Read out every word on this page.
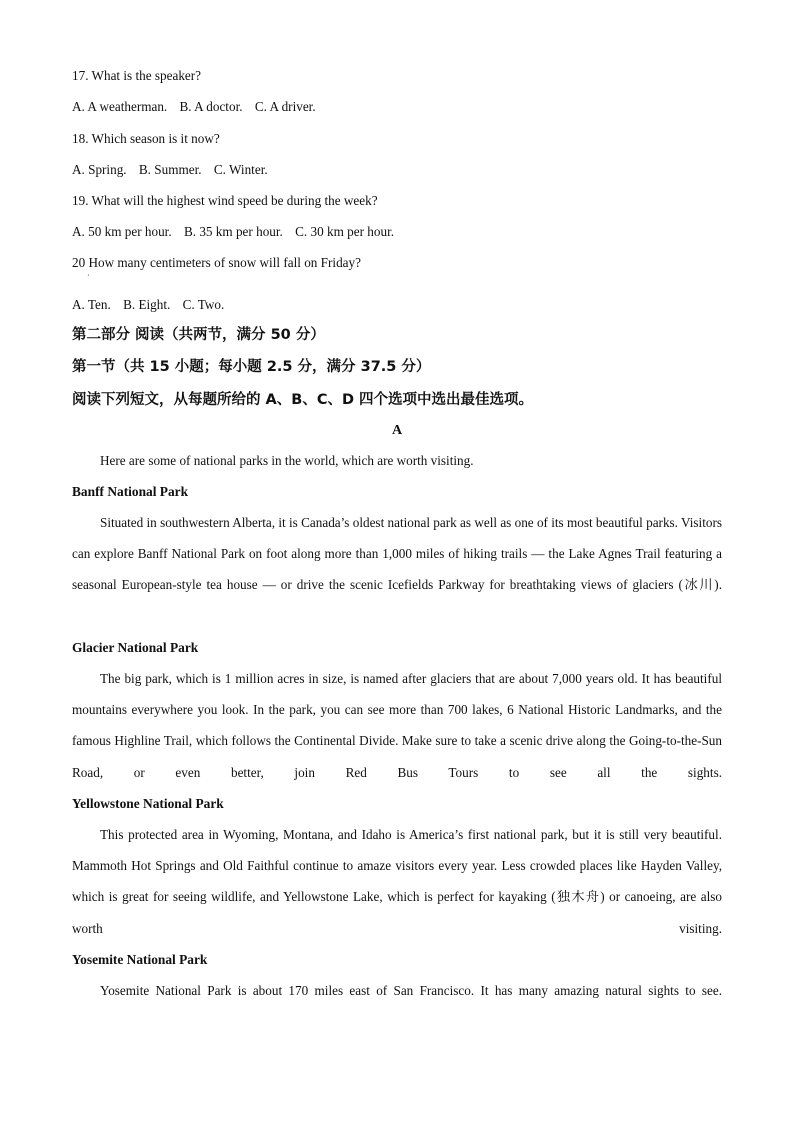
17. What is the speaker?
A. A weatherman. B. A doctor. C. A driver.
18. Which season is it now?
A. Spring. B. Summer. C. Winter.
19. What will the highest wind speed be during the week?
A. 50 km per hour. B. 35 km per hour. C. 30 km per hour.
20 How many centimeters of snow will fall on Friday?
·
A. Ten. B. Eight. C. Two.
第二部分 阅读（共两节，满分 50 分）
第一节（共 15 小题；每小题 2.5 分，满分 37.5 分）
阅读下列短文，从每题所给的 A、B、C、D 四个选项中选出最佳选项。
A
Here are some of national parks in the world, which are worth visiting.
Banff National Park
Situated in southwestern Alberta, it is Canada’s oldest national park as well as one of its most beautiful parks. Visitors can explore Banff National Park on foot along more than 1,000 miles of hiking trails — the Lake Agnes Trail featuring a seasonal European-style tea house — or drive the scenic Icefields Parkway for breathtaking views of glaciers (冰川).
Glacier National Park
The big park, which is 1 million acres in size, is named after glaciers that are about 7,000 years old. It has beautiful mountains everywhere you look. In the park, you can see more than 700 lakes, 6 National Historic Landmarks, and the famous Highline Trail, which follows the Continental Divide. Make sure to take a scenic drive along the Going-to-the-Sun Road, or even better, join Red Bus Tours to see all the sights.
Yellowstone National Park
This protected area in Wyoming, Montana, and Idaho is America’s first national park, but it is still very beautiful. Mammoth Hot Springs and Old Faithful continue to amaze visitors every year. Less crowded places like Hayden Valley, which is great for seeing wildlife, and Yellowstone Lake, which is perfect for kayaking (独木舟) or canoeing, are also worth visiting.
Yosemite National Park
Yosemite National Park is about 170 miles east of San Francisco. It has many amazing natural sights to see.
